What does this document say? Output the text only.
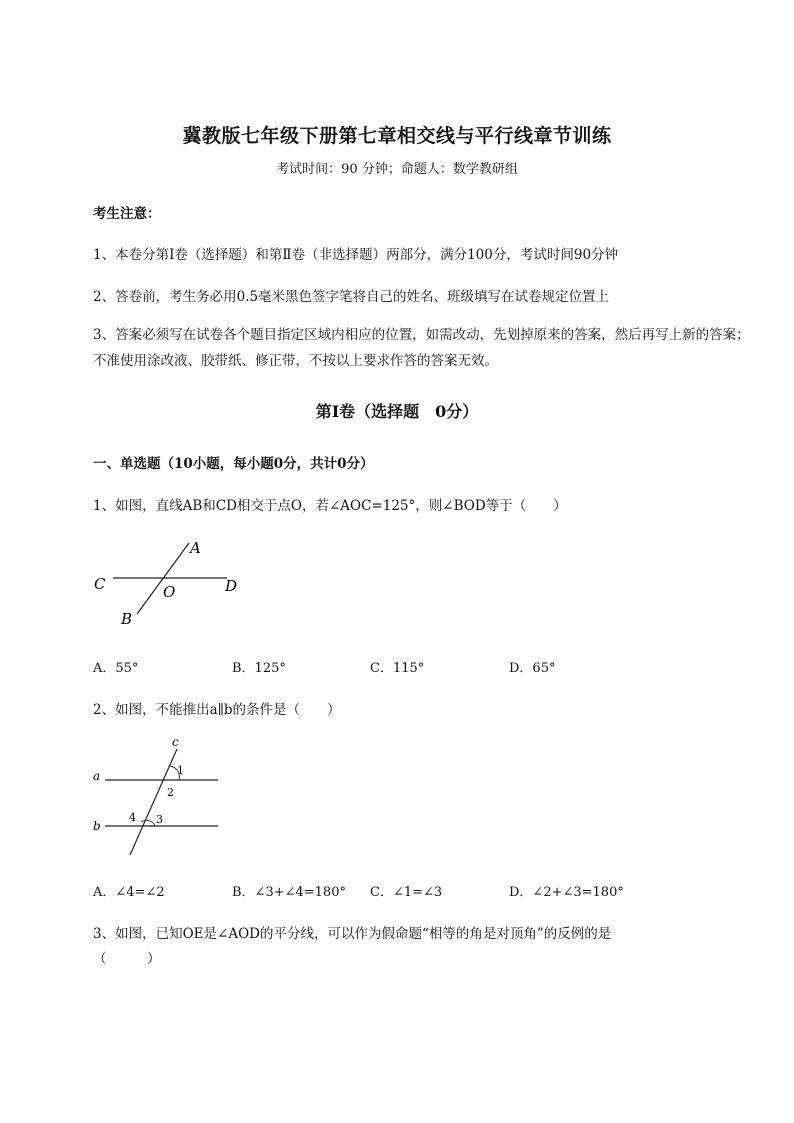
冀教版七年级下册第七章相交线与平行线章节训练
考试时间：90 分钟；命题人：数学教研组
考生注意：
1、本卷分第Ⅰ卷（选择题）和第Ⅱ卷（非选择题）两部分，满分100分，考试时间90分钟
2、答卷前，考生务必用0.5毫米黑色签字笔将自己的姓名、班级填写在试卷规定位置上
3、答案必须写在试卷各个题目指定区域内相应的位置，如需改动，先划掉原来的答案，然后再写上新的答案；不准使用涂改液、胶带纸、修正带，不按以上要求作答的答案无效。
第Ⅰ卷（选择题　0分）
一、单选题（10小题，每小题0分，共计0分）
1、如图，直线AB和CD相交于点O，若∠AOC=125°，则∠BOD等于（　　）
A
C	O	D
B
A．55°	B．125°	C．115°	D．65°
2、如图，不能推出a∥b的条件是（　　）
c
a	1
2
b
4 3
A．∠4=∠2	B．∠3+∠4=180° C．∠1=∠3	D．∠2+∠3=180°
3、如图，已知OE是∠AOD的平分线，可以作为假命题“相等的角是对顶角”的反例的是
（　　　）
